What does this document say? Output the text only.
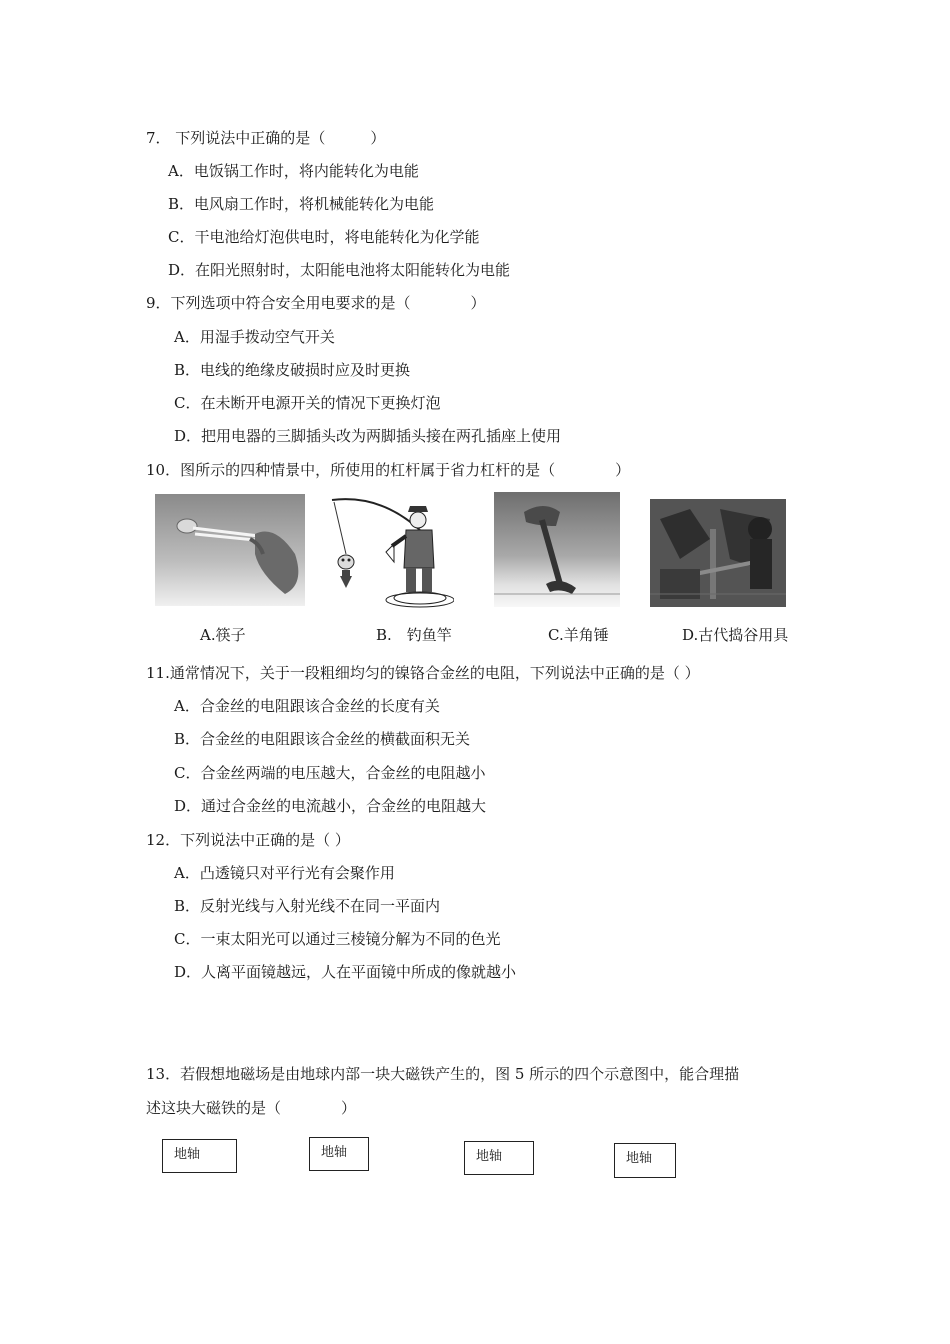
7． 下列说法中正确的是（　　　）
A．电饭锅工作时，将内能转化为电能
B．电风扇工作时，将机械能转化为电能
C．干电池给灯泡供电时，将电能转化为化学能
D．在阳光照射时，太阳能电池将太阳能转化为电能
9．下列选项中符合安全用电要求的是（　　　　）
A．用湿手拨动空气开关
B．电线的绝缘皮破损时应及时更换
C．在未断开电源开关的情况下更换灯泡
D．把用电器的三脚插头改为两脚插头接在两孔插座上使用
10．图所示的四种情景中，所使用的杠杆属于省力杠杆的是（　　　　）
A.筷子	B.　钓鱼竿	C.羊角锤	D.古代捣谷用具
11.通常情况下，关于一段粗细均匀的镍铬合金丝的电阻，下列说法中正确的是（ ）
A．合金丝的电阻跟该合金丝的长度有关
B．合金丝的电阻跟该合金丝的横截面积无关
C．合金丝两端的电压越大，合金丝的电阻越小
D．通过合金丝的电流越小，合金丝的电阻越大
12．下列说法中正确的是（ ）
A．凸透镜只对平行光有会聚作用
B．反射光线与入射光线不在同一平面内
C．一束太阳光可以通过三棱镜分解为不同的色光
D．人离平面镜越远，人在平面镜中所成的像就越小
13．若假想地磁场是由地球内部一块大磁铁产生的，图 5 所示的四个示意图中，能合理描
述这块大磁铁的是（　　　　）
地轴	地轴	地轴	地轴
